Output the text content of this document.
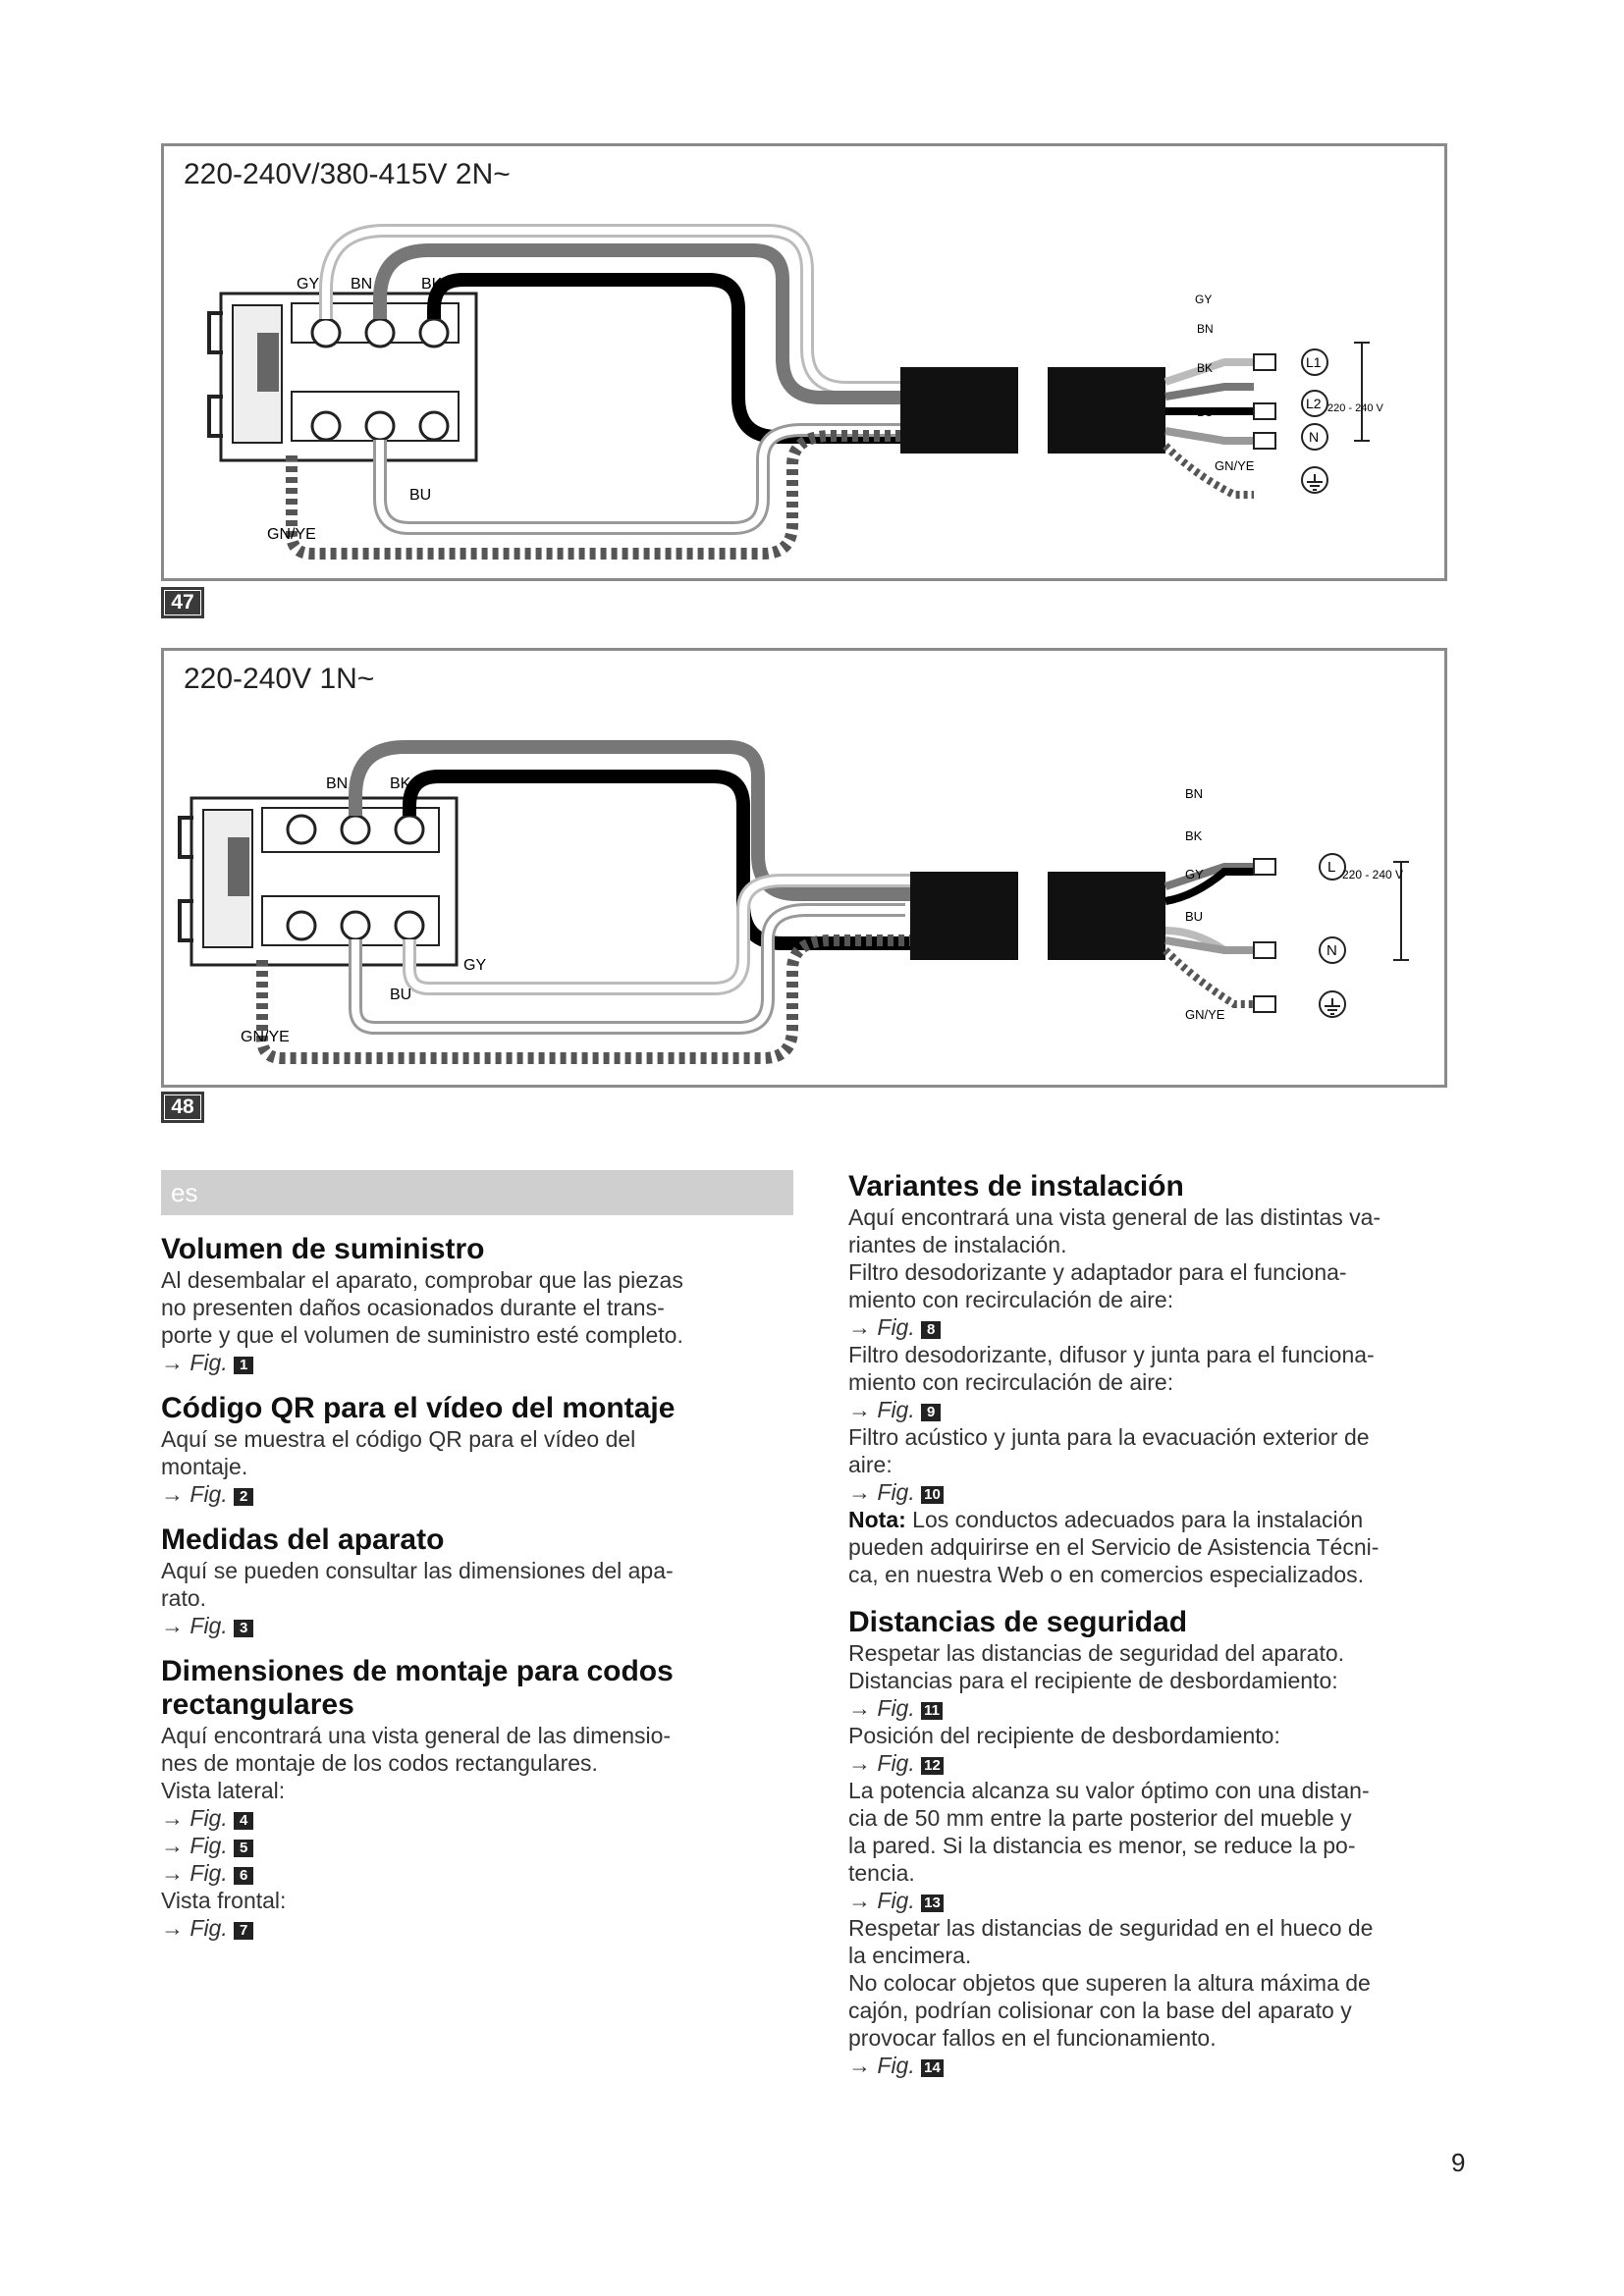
220-240V/380-415V 2N~
GY BN	BK
BU
GN/YE
GY
BN
BK
BU
GN/YE
L1
L2
N
220 - 240 V
47
220-240V 1N~
BN	BK
GY
BU
GN/YE
BN
BK
GY
BU
GN/YE
L
N
220 - 240 V
48
es
Volumen de suministro

Al desembalar el aparato, comprobar que las piezas

no presenten daños ocasionados durante el trans-

porte y que el volumen de suministro esté completo.

→ Fig. 1

Código QR para el vídeo del montaje

Aquí se muestra el código QR para el vídeo del

montaje.

→ Fig. 2

Medidas del aparato

Aquí se pueden consultar las dimensiones del apa-

rato.

→ Fig. 3

Dimensiones de montaje para codos
rectangulares

Aquí encontrará una vista general de las dimensio-

nes de montaje de los codos rectangulares.

Vista lateral:

→ Fig. 4

→ Fig. 5

→ Fig. 6

Vista frontal:

→ Fig. 7

Variantes de instalación

Aquí encontrará una vista general de las distintas va-

riantes de instalación.

Filtro desodorizante y adaptador para el funciona-

miento con recirculación de aire:

→ Fig. 8

Filtro desodorizante, difusor y junta para el funciona-

miento con recirculación de aire:

→ Fig. 9

Filtro acústico y junta para la evacuación exterior de

aire:

→ Fig. 10

Nota: Los conductos adecuados para la instalación

pueden adquirirse en el Servicio de Asistencia Técni-

ca, en nuestra Web o en comercios especializados.

Distancias de seguridad

Respetar las distancias de seguridad del aparato.

Distancias para el recipiente de desbordamiento:

→ Fig. 11

Posición del recipiente de desbordamiento:

→ Fig. 12

La potencia alcanza su valor óptimo con una distan-

cia de 50 mm entre la parte posterior del mueble y

la pared. Si la distancia es menor, se reduce la po-

tencia.

→ Fig. 13

Respetar las distancias de seguridad en el hueco de

la encimera.

No colocar objetos que superen la altura máxima de

cajón, podrían colisionar con la base del aparato y

provocar fallos en el funcionamiento.

→ Fig. 14

9
